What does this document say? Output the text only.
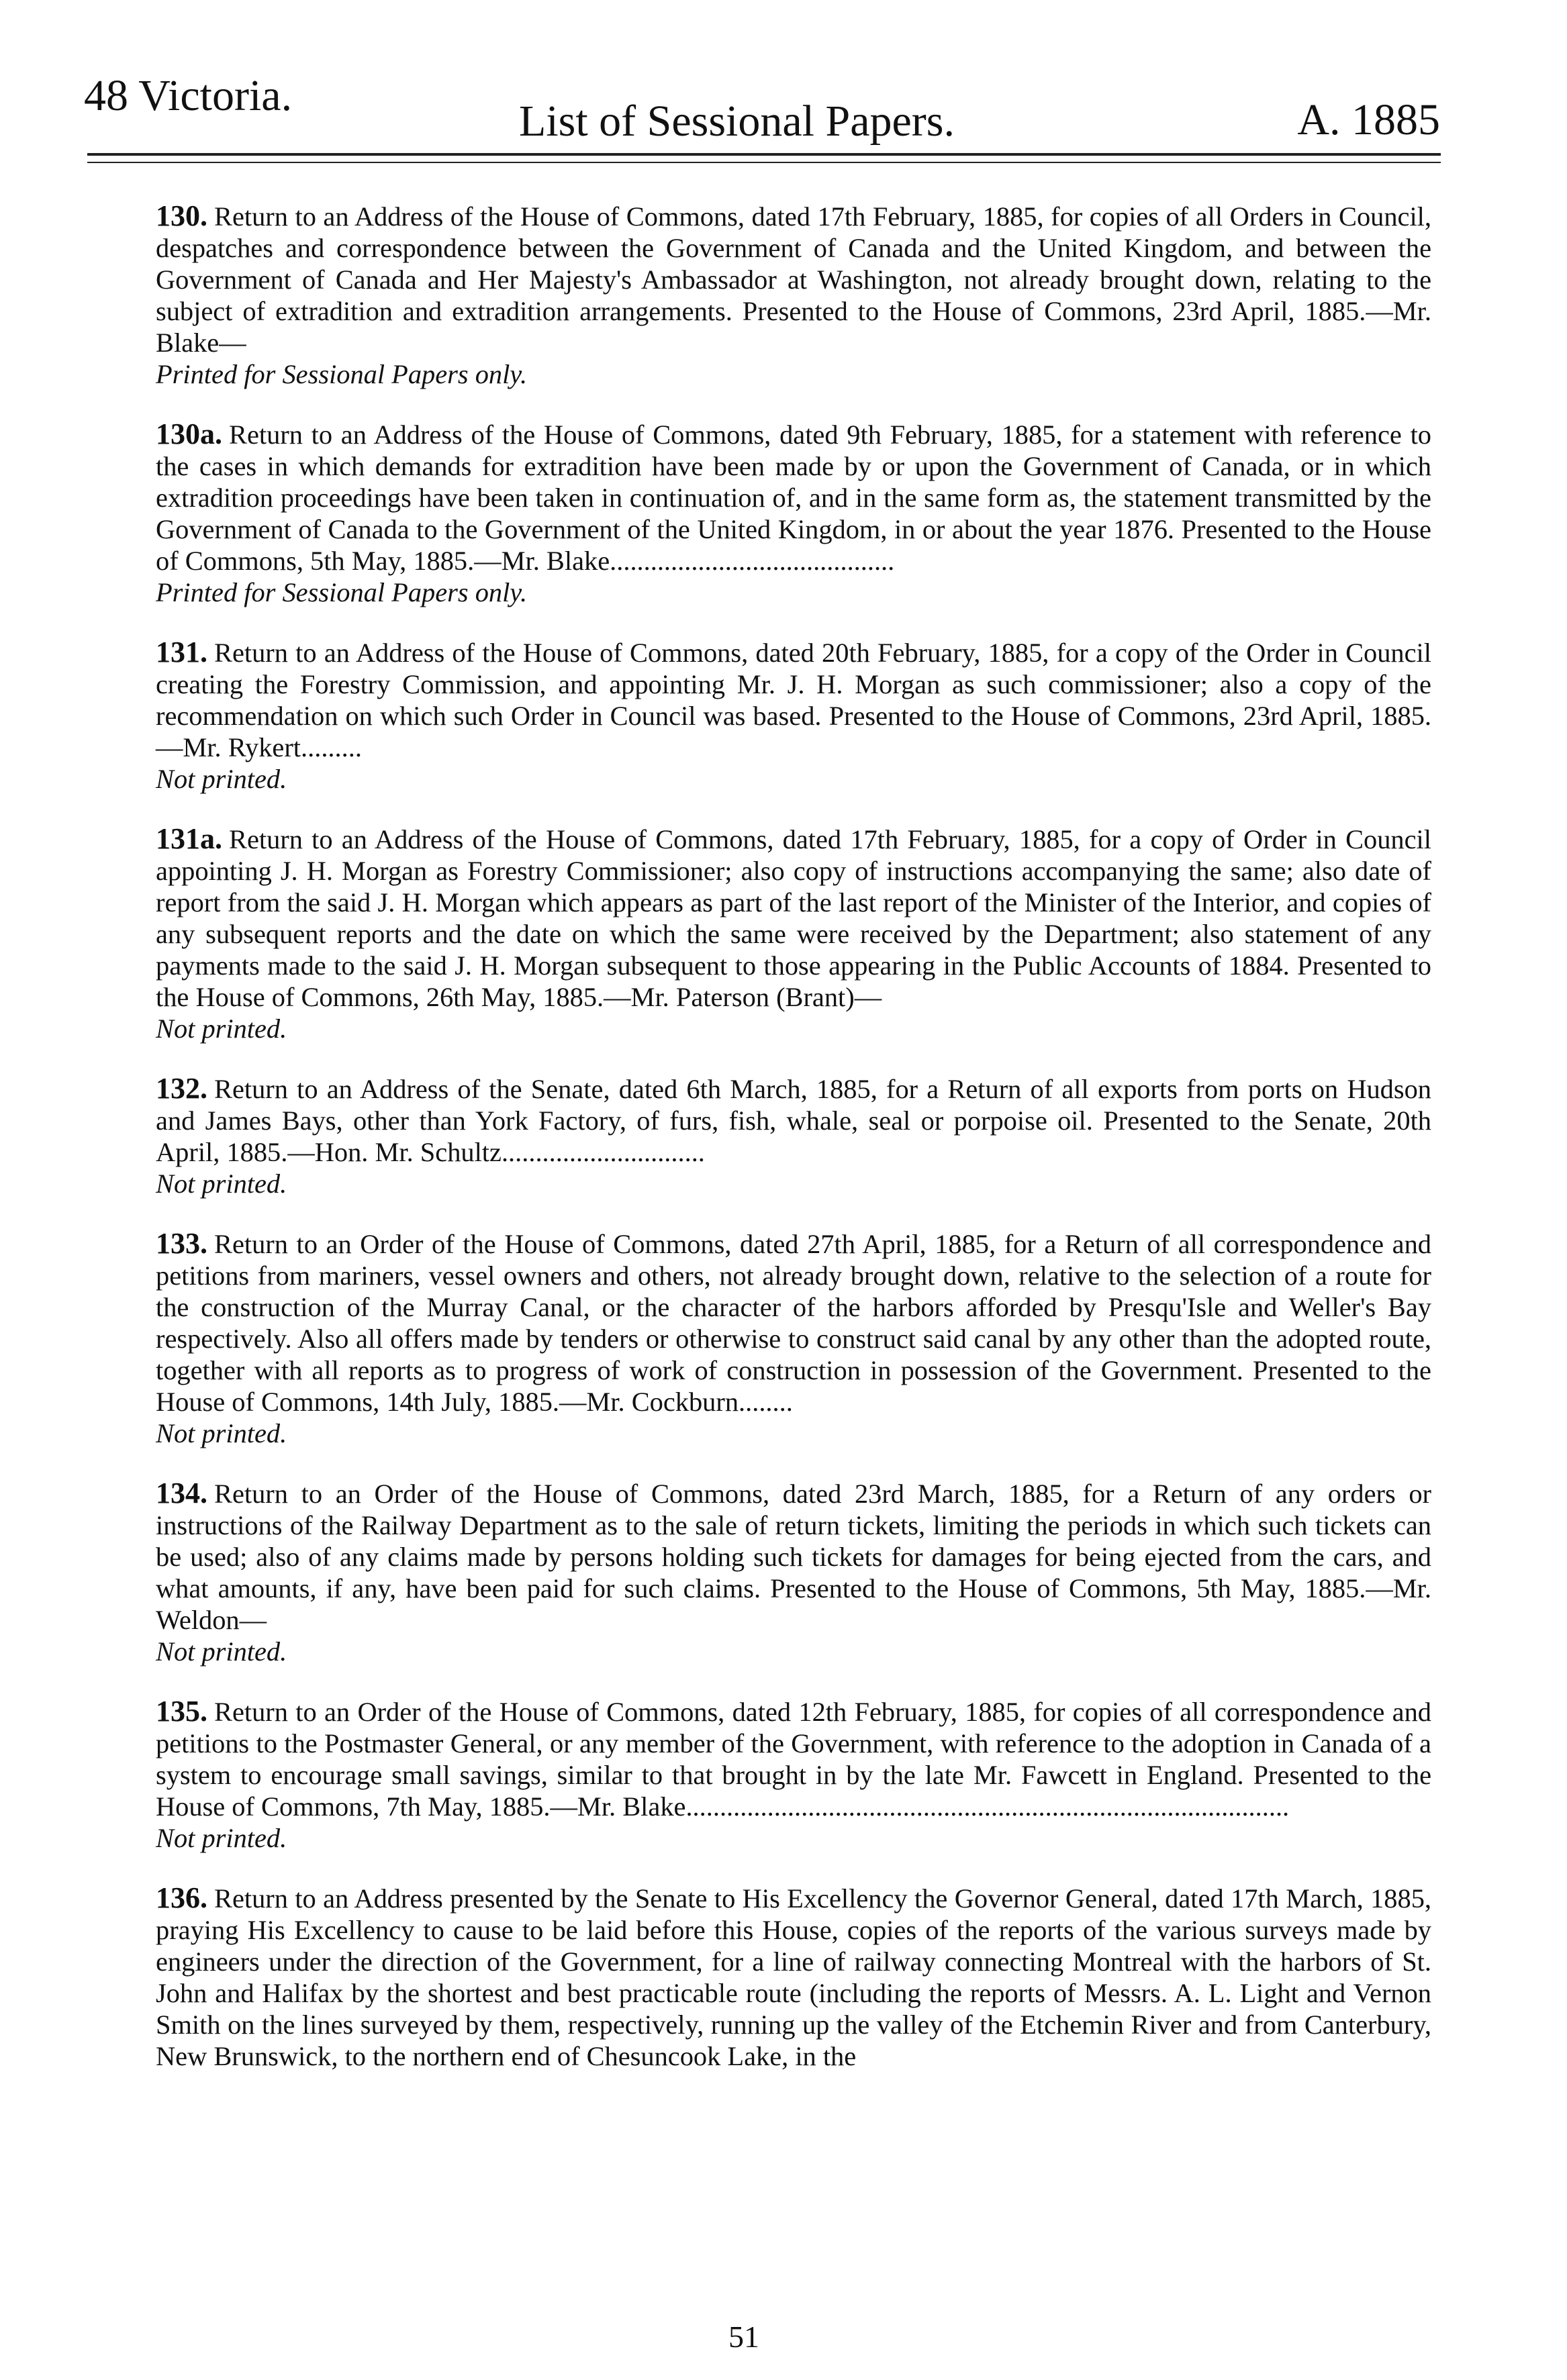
48 Victoria.
List of Sessional Papers.	A. 1885

130. Return to an Address of the House of Commons, dated 17th February, 1885, for copies of all Orders in Council, despatches and correspondence between the Government of Canada and the United Kingdom, and between the Government of Canada and Her Majesty's Ambassador at Washington, not already brought down, relating to the subject of extradition and extradition arrangements. Presented to the House of Commons, 23rd April, 1885.—Mr. Blake—

Printed for Sessional Papers only.

130a. Return to an Address of the House of Commons, dated 9th February, 1885, for a statement with reference to the cases in which demands for extradition have been made by or upon the Government of Canada, or in which extradition proceedings have been taken in continuation of, and in the same form as, the statement transmitted by the Government of Canada to the Government of the United Kingdom, in or about the year 1876. Presented to the House of Commons, 5th May, 1885.—Mr. Blake..........................................

Printed for Sessional Papers only.

131. Return to an Address of the House of Commons, dated 20th February, 1885, for a copy of the Order in Council creating the Forestry Commission, and appointing Mr. J. H. Morgan as such commissioner; also a copy of the recommendation on which such Order in Council was based. Presented to the House of Commons, 23rd April, 1885.—Mr. Rykert.........

Not printed.

131a. Return to an Address of the House of Commons, dated 17th February, 1885, for a copy of Order in Council appointing J. H. Morgan as Forestry Commissioner; also copy of instructions accompanying the same; also date of report from the said J. H. Morgan which appears as part of the last report of the Minister of the Interior, and copies of any subsequent reports and the date on which the same were received by the Department; also statement of any payments made to the said J. H. Morgan subsequent to those appearing in the Public Accounts of 1884. Presented to the House of Commons, 26th May, 1885.—Mr. Paterson (Brant)—

Not printed.

132. Return to an Address of the Senate, dated 6th March, 1885, for a Return of all exports from ports on Hudson and James Bays, other than York Factory, of furs, fish, whale, seal or porpoise oil. Presented to the Senate, 20th April, 1885.—Hon. Mr. Schultz..............................

Not printed.

133. Return to an Order of the House of Commons, dated 27th April, 1885, for a Return of all correspondence and petitions from mariners, vessel owners and others, not already brought down, relative to the selection of a route for the construction of the Murray Canal, or the character of the harbors afforded by Presqu'Isle and Weller's Bay respectively. Also all offers made by tenders or otherwise to construct said canal by any other than the adopted route, together with all reports as to progress of work of construction in possession of the Government. Presented to the House of Commons, 14th July, 1885.—Mr. Cockburn........

Not printed.

134. Return to an Order of the House of Commons, dated 23rd March, 1885, for a Return of any orders or instructions of the Railway Department as to the sale of return tickets, limiting the periods in which such tickets can be used; also of any claims made by persons holding such tickets for damages for being ejected from the cars, and what amounts, if any, have been paid for such claims. Presented to the House of Commons, 5th May, 1885.—Mr. Weldon—

Not printed.

135. Return to an Order of the House of Commons, dated 12th February, 1885, for copies of all correspondence and petitions to the Postmaster General, or any member of the Government, with reference to the adoption in Canada of a system to encourage small savings, similar to that brought in by the late Mr. Fawcett in England. Presented to the House of Commons, 7th May, 1885.—Mr. Blake.........................................................................................

Not printed.

136. Return to an Address presented by the Senate to His Excellency the Governor General, dated 17th March, 1885, praying His Excellency to cause to be laid before this House, copies of the reports of the various surveys made by engineers under the direction of the Government, for a line of railway connecting Montreal with the harbors of St. John and Halifax by the shortest and best practicable route (including the reports of Messrs. A. L. Light and Vernon Smith on the lines surveyed by them, respectively, running up the valley of the Etchemin River and from Canterbury, New Brunswick, to the northern end of Chesuncook Lake, in the

51
